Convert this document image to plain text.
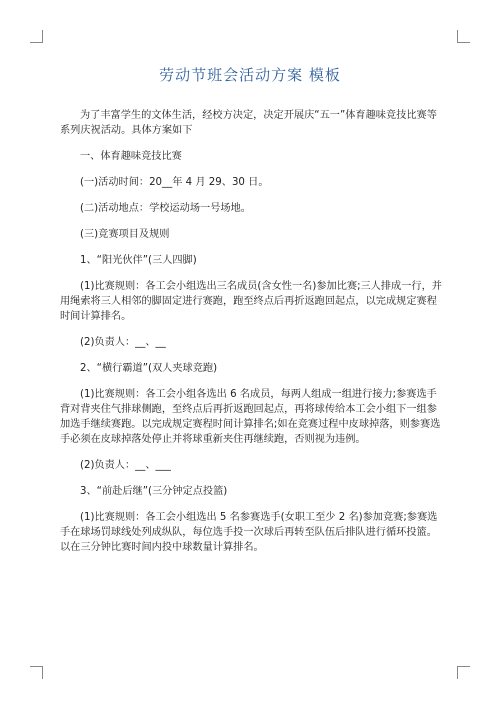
劳动节班会活动方案 模板

为了丰富学生的文体生活，经校方决定，决定开展庆“五一”体育趣味竞技比赛等系列庆祝活动。具体方案如下

一、体育趣味竞技比赛

(一)活动时间：20__年 4 月 29、30 日。

(二)活动地点：学校运动场一号场地。

(三)竞赛项目及规则

1、“阳光伙伴”(三人四脚)

(1)比赛规则：各工会小组选出三名成员(含女性一名)参加比赛;三人排成一行，并用绳索将三人相邻的脚固定进行赛跑，跑至终点后再折返跑回起点，以完成规定赛程时间计算排名。

(2)负责人：__、__

2、“横行霸道”(双人夹球竞跑)

(1)比赛规则：各工会小组各选出 6 名成员，每两人组成一组进行接力;参赛选手背对背夹住气排球侧跑，至终点后再折返跑回起点，再将球传给本工会小组下一组参加选手继续赛跑。以完成规定赛程时间计算排名;如在竞赛过程中皮球掉落，则参赛选手必须在皮球掉落处停止并将球重新夹住再继续跑，否则视为违例。

(2)负责人：__、___

3、“前赴后继”(三分钟定点投篮)

(1)比赛规则：各工会小组选出 5 名参赛选手(女职工至少 2 名)参加竞赛;参赛选手在球场罚球线处列成纵队，每位选手投一次球后再转至队伍后排队进行循环投篮。以在三分钟比赛时间内投中球数量计算排名。
